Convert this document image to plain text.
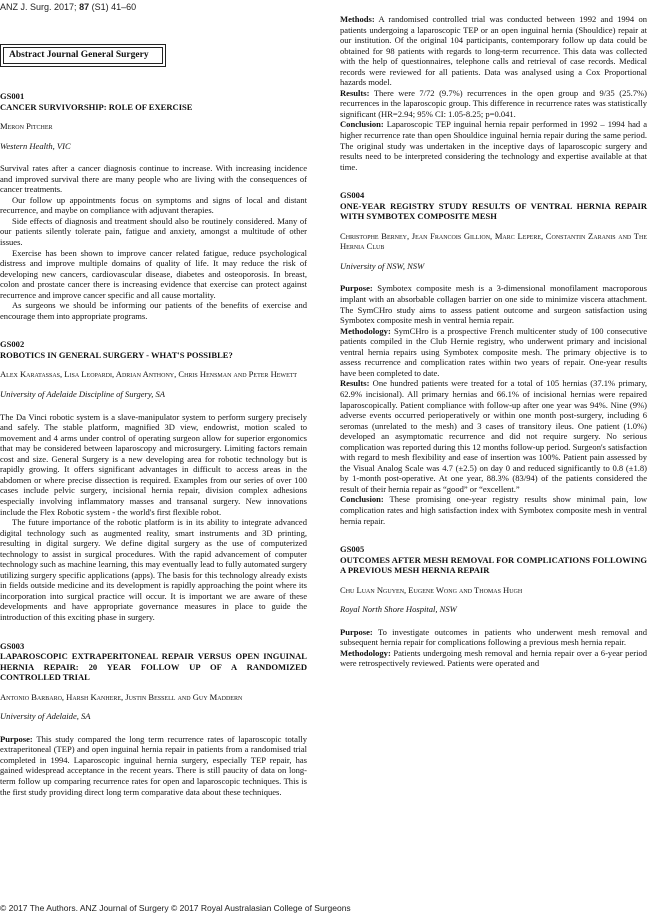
ANZ J. Surg. 2017; 87 (S1) 41–60
Abstract Journal General Surgery

GS001

CANCER SURVIVORSHIP: ROLE OF EXERCISE

Meron Pitcher

Western Health, VIC

Survival rates after a cancer diagnosis continue to increase. With increasing incidence and improved survival there are many people who are living with the consequences of cancer treatments.

Our follow up appointments focus on symptoms and signs of local and distant recurrence, and maybe on compliance with adjuvant therapies.

Side effects of diagnosis and treatment should also be routinely considered. Many of our patients silently tolerate pain, fatigue and anxiety, amongst a multitude of other issues.

Exercise has been shown to improve cancer related fatigue, reduce psychological distress and improve multiple domains of quality of life. It may reduce the risk of developing new cancers, cardiovascular disease, diabetes and osteoporosis. In breast, colon and prostate cancer there is increasing evidence that exercise can protect against recurrence and improve cancer specific and all cause mortality.

As surgeons we should be informing our patients of the benefits of exercise and encourage them into appropriate programs.

GS002

ROBOTICS IN GENERAL SURGERY - WHAT'S POSSIBLE?

Alex Karatassas, Lisa Leopardi, Adrian Anthony, Chris Hensman and Peter Hewett

University of Adelaide Discipline of Surgery, SA

The Da Vinci robotic system is a slave-manipulator system to perform surgery precisely and safely. The stable platform, magnified 3D view, endowrist, motion scaled to movement and 4 arms under control of operating surgeon allow for superior ergonomics that may be considered between laparoscopy and microsurgery. Limiting factors remain cost and size. General Surgery is a new developing area for robotic technology but is rapidly growing. It offers significant advantages in difficult to access areas in the abdomen or where precise dissection is required. Examples from our series of over 100 cases include pelvic surgery, incisional hernia repair, division complex adhesions especially involving inflammatory masses and transanal surgery. New innovations include the Flex Robotic system - the world's first flexible robot.

The future importance of the robotic platform is in its ability to integrate advanced digital technology such as augmented reality, smart instruments and 3D printing, resulting in digital surgery. We define digital surgery as the use of computerized technology to assist in surgical procedures. With the rapid advancement of computer technology such as machine learning, this may eventually lead to fully automated surgery utilizing surgery specific applications (apps). The basis for this technology already exists in fields outside medicine and its development is rapidly approaching the point where its incorporation into surgical practice will occur. It is important we are aware of these developments and have appropriate governance measures in place to guide the introduction of this exciting phase in surgery.

GS003

LAPAROSCOPIC EXTRAPERITONEAL REPAIR VERSUS OPEN INGUINAL HERNIA REPAIR: 20 YEAR FOLLOW UP OF A RANDOMIZED CONTROLLED TRIAL

Antonio Barbaro, Harsh Kanhere, Justin Bessell and Guy Maddern

University of Adelaide, SA

Purpose: This study compared the long term recurrence rates of laparoscopic totally extraperitoneal (TEP) and open inguinal hernia repair in patients from a randomised trial completed in 1994. Laparoscopic inguinal hernia surgery, especially TEP repair, has gained widespread acceptance in the recent years. There is still paucity of data on long-term follow up comparing recurrence rates for open and laparoscopic techniques. This is the first study providing direct long term comparative data about these techniques.

Methods: A randomised controlled trial was conducted between 1992 and 1994 on patients undergoing a laparoscopic TEP or an open inguinal hernia (Shouldice) repair at our institution. Of the original 104 participants, contemporary follow up data could be obtained for 98 patients with regards to long-term recurrence. This data was collected with the help of questionnaires, telephone calls and retrieval of case records. Medical records were reviewed for all patients. Data was analysed using a Cox Proportional hazards model.

Results: There were 7/72 (9.7%) recurrences in the open group and 9/35 (25.7%) recurrences in the laparoscopic group. This difference in recurrence rates was statistically significant (HR=2.94; 95% CI: 1.05-8.25; p=0.041.

Conclusion: Laparoscopic TEP inguinal hernia repair performed in 1992 – 1994 had a higher recurrence rate than open Shouldice inguinal hernia repair during the same period. The original study was undertaken in the inceptive days of laparoscopic surgery and results need to be interpreted considering the technology and expertise available at that time.

GS004

ONE-YEAR REGISTRY STUDY RESULTS OF VENTRAL HERNIA REPAIR WITH SYMBOTEX COMPOSITE MESH

Christophe Berney, Jean Francois Gillion, Marc Lepere, Constantin Zaranis and The Hernia Club

University of NSW, NSW

Purpose: Symbotex composite mesh is a 3-dimensional monofilament macroporous implant with an absorbable collagen barrier on one side to minimize viscera attachment. The SymCHro study aims to assess patient outcome and surgeon satisfaction using Symbotex composite mesh in ventral hernia repair.

Methodology: SymCHro is a prospective French multicenter study of 100 consecutive patients compiled in the Club Hernie registry, who underwent primary and incisional ventral hernia repairs using Symbotex composite mesh. The primary objective is to assess recurrence and complication rates within two years of repair. One-year results have been completed to date.

Results: One hundred patients were treated for a total of 105 hernias (37.1% primary, 62.9% incisional). All primary hernias and 66.1% of incisional hernias were repaired laparoscopically. Patient compliance with follow-up after one year was 94%. Nine (9%) adverse events occurred perioperatively or within one month post-surgery, including 6 seromas (unrelated to the mesh) and 3 cases of transitory ileus. One patient (1.0%) developed an asymptomatic recurrence and did not require surgery. No serious complication was reported during this 12 months follow-up period. Surgeon's satisfaction with regard to mesh flexibility and ease of insertion was 100%. Patient pain assessed by the Visual Analog Scale was 4.7 (±2.5) on day 0 and reduced significantly to 0.8 (±1.8) by 1-month post-operative. At one year, 88.3% (83/94) of the patients considered the result of their hernia repair as “good” or “excellent.”

Conclusion: These promising one-year registry results show minimal pain, low complication rates and high satisfaction index with Symbotex composite mesh in ventral hernia repair.

GS005

OUTCOMES AFTER MESH REMOVAL FOR COMPLICATIONS FOLLOWING A PREVIOUS MESH HERNIA REPAIR

Chu Luan Nguyen, Eugene Wong and Thomas Hugh

Royal North Shore Hospital, NSW

Purpose: To investigate outcomes in patients who underwent mesh removal and subsequent hernia repair for complications following a previous mesh hernia repair.

Methodology: Patients undergoing mesh removal and hernia repair over a 6-year period were retrospectively reviewed. Patients were operated and

© 2017 The Authors. ANZ Journal of Surgery © 2017 Royal Australasian College of Surgeons
